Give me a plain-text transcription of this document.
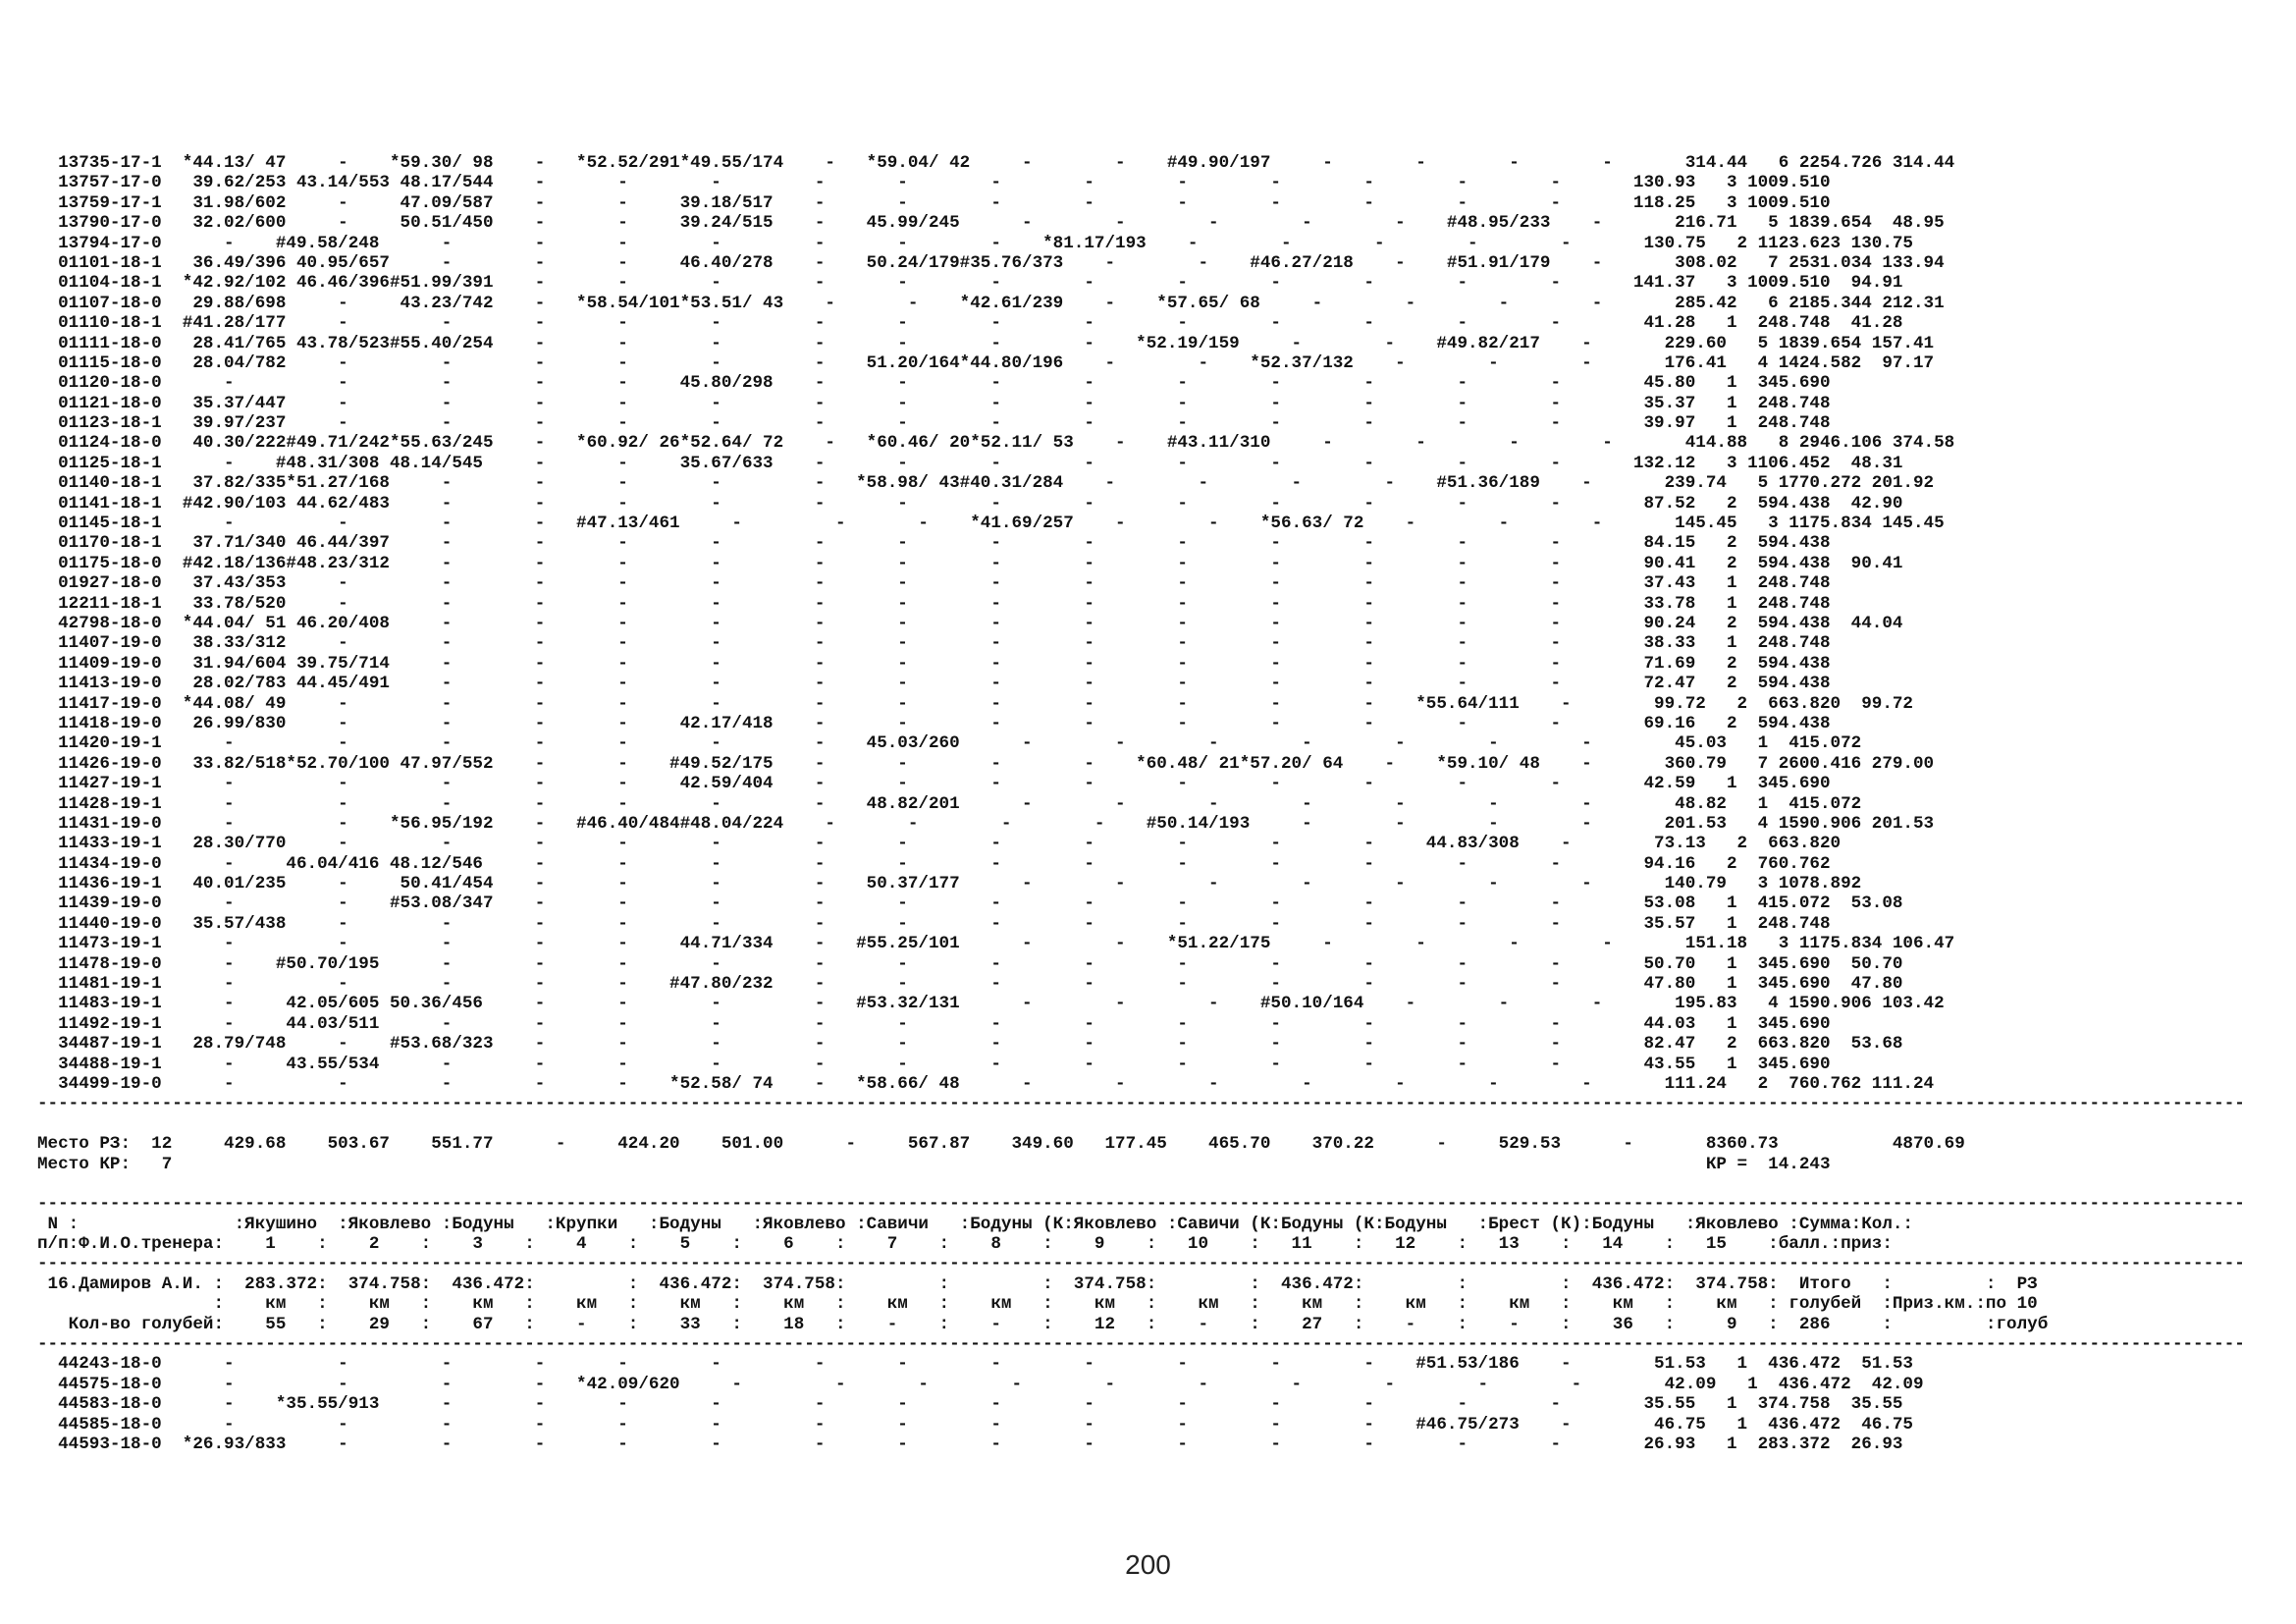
13735-17-1  *44.13/ 47     -    *59.30/ 98    -   *52.52/291*49.55/174    -   *59.04/ 42     -        -    #49.90/197     -        -        -        -       314.44   6 2254.726 314.44
13757-17-0   39.62/253 43.14/553 48.17/544    -       -        -         -       -        -        -        -        -        -        -        -       130.93   3 1009.510
13759-17-1   31.98/602     -     47.09/587    -       -     39.18/517    -       -        -        -        -        -        -        -        -       118.25   3 1009.510
13790-17-0   32.02/600     -     50.51/450    -       -     39.24/515    -    45.99/245      -        -        -        -        -    #48.95/233    -       216.71   5 1839.654  48.95
13794-17-0      -    #49.58/248      -        -       -        -         -       -        -    *81.17/193    -        -        -        -        -       130.75   2 1123.623 130.75
01101-18-1   36.49/396 40.95/657     -        -       -     46.40/278    -    50.24/179#35.76/373    -        -    #46.27/218    -    #51.91/179    -       308.02   7 2531.034 133.94
01104-18-1  *42.92/102 46.46/396#51.99/391    -       -        -         -       -        -        -        -        -        -        -        -       141.37   3 1009.510  94.91
01107-18-0   29.88/698     -     43.23/742    -   *58.54/101*53.51/ 43    -       -    *42.61/239    -    *57.65/ 68     -        -        -        -       285.42   6 2185.344 212.31
01110-18-1  #41.28/177     -         -        -       -        -         -       -        -        -        -        -        -        -        -        41.28   1  248.748  41.28
01111-18-0   28.41/765 43.78/523#55.40/254    -       -        -         -       -        -        -    *52.19/159     -        -    #49.82/217    -       229.60   5 1839.654 157.41
01115-18-0   28.04/782     -         -        -       -        -         -    51.20/164*44.80/196    -        -    *52.37/132    -        -        -       176.41   4 1424.582  97.17
01120-18-0      -          -         -        -       -     45.80/298    -       -        -        -        -        -        -        -        -        45.80   1  345.690
01121-18-0   35.37/447     -         -        -       -        -         -       -        -        -        -        -        -        -        -        35.37   1  248.748
01123-18-1   39.97/237     -         -        -       -        -         -       -        -        -        -        -        -        -        -        39.97   1  248.748
01124-18-0   40.30/222#49.71/242*55.63/245    -   *60.92/ 26*52.64/ 72    -   *60.46/ 20*52.11/ 53    -    #43.11/310     -        -        -        -       414.88   8 2946.106 374.58
01125-18-1      -    #48.31/308 48.14/545     -       -     35.67/633    -       -        -        -        -        -        -        -        -       132.12   3 1106.452  48.31
01140-18-1   37.82/335*51.27/168     -        -       -        -         -   *58.98/ 43#40.31/284    -        -        -        -    #51.36/189    -       239.74   5 1770.272 201.92
01141-18-1  #42.90/103 44.62/483     -        -       -        -         -       -        -        -        -        -        -        -        -        87.52   2  594.438  42.90
01145-18-1      -          -         -        -   #47.13/461     -         -       -    *41.69/257    -        -    *56.63/ 72    -        -        -       145.45   3 1175.834 145.45
01170-18-1   37.71/340 46.44/397     -        -       -        -         -       -        -        -        -        -        -        -        -        84.15   2  594.438
01175-18-0  #42.18/136#48.23/312     -        -       -        -         -       -        -        -        -        -        -        -        -        90.41   2  594.438  90.41
01927-18-0   37.43/353     -         -        -       -        -         -       -        -        -        -        -        -        -        -        37.43   1  248.748
12211-18-1   33.78/520     -         -        -       -        -         -       -        -        -        -        -        -        -        -        33.78   1  248.748
42798-18-0  *44.04/ 51 46.20/408     -        -       -        -         -       -        -        -        -        -        -        -        -        90.24   2  594.438  44.04
11407-19-0   38.33/312     -         -        -       -        -         -       -        -        -        -        -        -        -        -        38.33   1  248.748
11409-19-0   31.94/604 39.75/714     -        -       -        -         -       -        -        -        -        -        -        -        -        71.69   2  594.438
11413-19-0   28.02/783 44.45/491     -        -       -        -         -       -        -        -        -        -        -        -        -        72.47   2  594.438
11417-19-0  *44.08/ 49     -         -        -       -        -         -       -        -        -        -        -        -    *55.64/111    -        99.72   2  663.820  99.72
11418-19-0   26.99/830     -         -        -       -     42.17/418    -       -        -        -        -        -        -        -        -        69.16   2  594.438
11420-19-1      -          -         -        -       -        -         -    45.03/260      -        -        -        -        -        -        -        45.03   1  415.072
11426-19-0   33.82/518*52.70/100 47.97/552    -       -    #49.52/175    -       -        -        -    *60.48/ 21*57.20/ 64    -    *59.10/ 48    -       360.79   7 2600.416 279.00
11427-19-1      -          -         -        -       -     42.59/404    -       -        -        -        -        -        -        -        -        42.59   1  345.690
11428-19-1      -          -         -        -       -        -         -    48.82/201      -        -        -        -        -        -        -        48.82   1  415.072
11431-19-0      -          -    *56.95/192    -   #46.40/484#48.04/224    -       -        -        -    #50.14/193     -        -        -        -       201.53   4 1590.906 201.53
11433-19-1   28.30/770     -         -        -       -        -         -       -        -        -        -        -        -     44.83/308    -        73.13   2  663.820
11434-19-0      -     46.04/416 48.12/546     -       -        -         -       -        -        -        -        -        -        -        -        94.16   2  760.762
11436-19-1   40.01/235     -     50.41/454    -       -        -         -    50.37/177      -        -        -        -        -        -        -       140.79   3 1078.892
11439-19-0      -          -    #53.08/347    -       -        -         -       -        -        -        -        -        -        -        -        53.08   1  415.072  53.08
11440-19-0   35.57/438     -         -        -       -        -         -       -        -        -        -        -        -        -        -        35.57   1  248.748
11473-19-1      -          -         -        -       -     44.71/334    -   #55.25/101      -        -    *51.22/175     -        -        -        -       151.18   3 1175.834 106.47
11478-19-0      -    #50.70/195      -        -       -        -         -       -        -        -        -        -        -        -        -        50.70   1  345.690  50.70
11481-19-1      -          -         -        -       -    #47.80/232    -       -        -        -        -        -        -        -        -        47.80   1  345.690  47.80
11483-19-1      -     42.05/605 50.36/456     -       -        -         -   #53.32/131      -        -        -    #50.10/164    -        -        -       195.83   4 1590.906 103.42
11492-19-1      -     44.03/511      -        -       -        -         -       -        -        -        -        -        -        -        -        44.03   1  345.690
34487-19-1   28.79/748     -    #53.68/323    -       -        -         -       -        -        -        -        -        -        -        -        82.47   2  663.820  53.68
34488-19-1      -     43.55/534      -        -       -        -         -       -        -        -        -        -        -        -        -        43.55   1  345.690
34499-19-0      -          -         -        -       -    *52.58/ 74    -   *58.66/ 48      -        -        -        -        -        -        -       111.24   2  760.762 111.24
---------------------------------------------------------------------------------------------------------------------------------------------------------------------------------------------------------------------

Место РЗ:  12     429.68    503.67    551.77      -     424.20    501.00      -     567.87    349.60   177.45    465.70    370.22      -     529.53      -       8360.73           4870.69
Место КР:   7                                                                                                                                                    КР =  14.243

---------------------------------------------------------------------------------------------------------------------------------------------------------------------------------------------------------------------
N :               :Якушино  :Яковлево :Бодуны   :Крупки   :Бодуны   :Яковлево :Савичи   :Бодуны (К:Яковлево :Савичи (К:Бодуны (К:Бодуны   :Брест (К):Бодуны   :Яковлево :Сумма:Кол.:
п/п:Ф.И.О.тренера:    1    :    2    :    3    :    4    :    5    :    6    :    7    :    8    :    9    :   10    :   11    :   12    :   13    :   14    :   15    :балл.:приз:
---------------------------------------------------------------------------------------------------------------------------------------------------------------------------------------------------------------------
16.Дамиров А.И. :  283.372:  374.758:  436.472:         :  436.472:  374.758:         :         :  374.758:         :  436.472:         :         :  436.472:  374.758:  Итого   :         :  РЗ
:    км   :    км   :    км   :    км   :    км   :    км   :    км   :    км   :    км   :    км   :    км   :    км   :    км   :    км   :    км   : голубей  :Приз.км.:по 10
Кол-во голубей:    55   :    29   :    67   :    -    :    33   :    18   :    -    :    -    :    12   :    -    :    27   :    -    :    -    :    36   :     9   :  286     :         :голуб
---------------------------------------------------------------------------------------------------------------------------------------------------------------------------------------------------------------------
44243-18-0      -          -         -        -       -        -         -       -        -        -        -        -        -    #51.53/186    -        51.53   1  436.472  51.53
44575-18-0      -          -         -        -   *42.09/620     -         -       -        -        -        -        -        -        -        -        42.09   1  436.472  42.09
44583-18-0      -    *35.55/913      -        -       -        -         -       -        -        -        -        -        -        -        -        35.55   1  374.758  35.55
44585-18-0      -          -         -        -       -        -         -       -        -        -        -        -        -    #46.75/273    -        46.75   1  436.472  46.75
44593-18-0  *26.93/833     -         -        -       -        -         -       -        -        -        -        -        -        -        -        26.93   1  283.372  26.93
200
